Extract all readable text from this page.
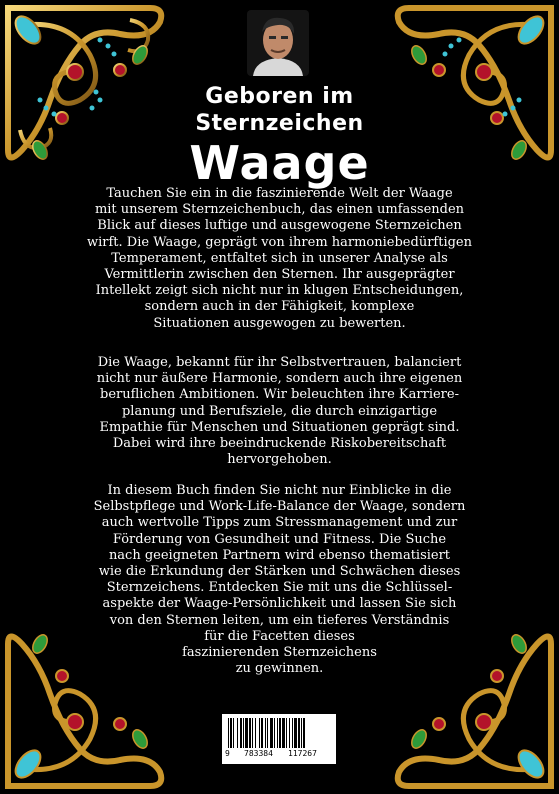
Geboren im
Sternzeichen
Waage
Tauchen Sie ein in die faszinierende Welt der Waage
mit unserem Sternzeichenbuch, das einen umfassenden
Blick auf dieses luftige und ausgewogene Sternzeichen
wirft. Die Waage, geprägt von ihrem harmoniebedürftigen
Temperament, entfaltet sich in unserer Analyse als
Vermittlerin zwischen den Sternen. Ihr ausgeprägter
Intellekt zeigt sich nicht nur in klugen Entscheidungen,
sondern auch in der Fähigkeit, komplexe
Situationen ausgewogen zu bewerten.
Die Waage, bekannt für ihr Selbstvertrauen, balanciert
nicht nur äußere Harmonie, sondern auch ihre eigenen
beruflichen Ambitionen. Wir beleuchten ihre Karriere-
planung und Berufsziele, die durch einzigartige
Empathie für Menschen und Situationen geprägt sind.
Dabei wird ihre beeindruckende Riskobereitschaft
hervorgehoben.
In diesem Buch finden Sie nicht nur Einblicke in die
Selbstpflege und Work-Life-Balance der Waage, sondern
auch wertvolle Tipps zum Stressmanagement und zur
Förderung von Gesundheit und Fitness. Die Suche
nach geeigneten Partnern wird ebenso thematisiert
wie die Erkundung der Stärken und Schwächen dieses
Sternzeichens. Entdecken Sie mit uns die Schlüssel-
aspekte der Waage-Persönlichkeit und lassen Sie sich
von den Sternen leiten, um ein tieferes Verständnis
für die Facetten dieses
faszinierenden Sternzeichens
zu gewinnen.
9 783384 117267
